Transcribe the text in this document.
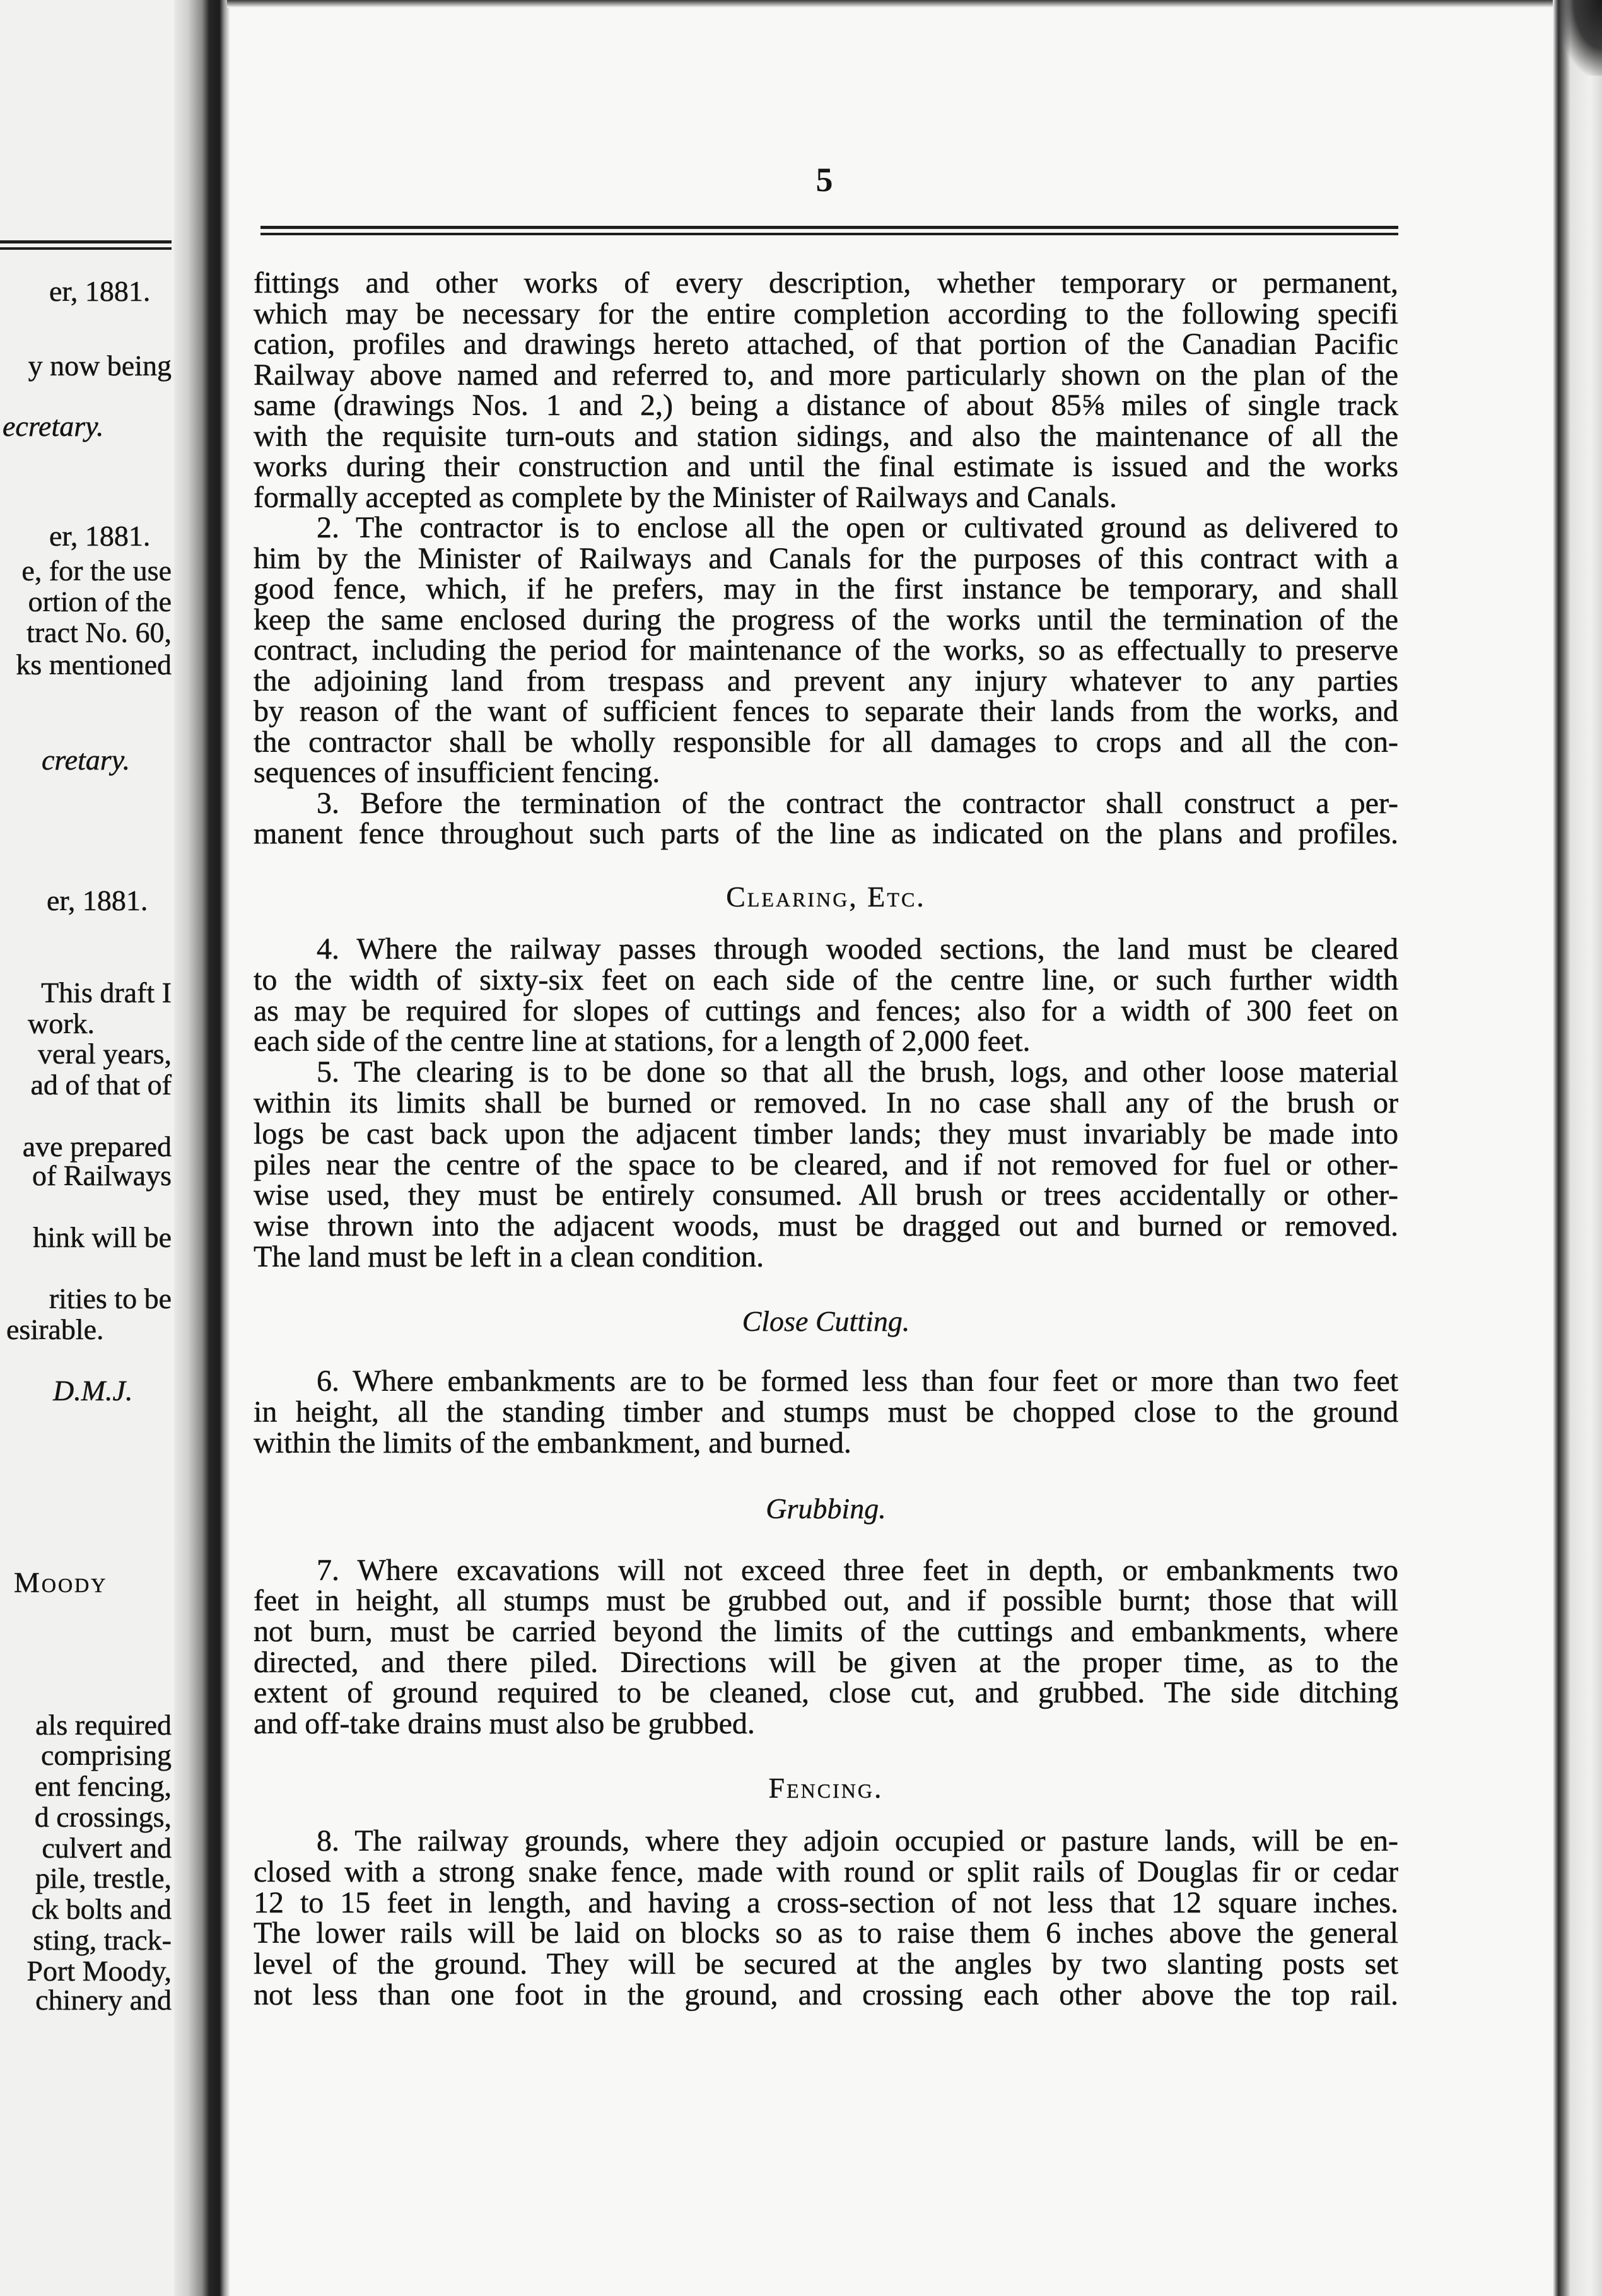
er, 1881.
y now being
ecretary.
er, 1881.
e, for the use
ortion of the
tract No. 60,
ks mentioned
cretary.
er, 1881.
This draft I
work.
veral years,
ad of that of
ave prepared
of Railways
hink will be
rities to be
esirable.
D.M.J.
Moody
als required
comprising
ent fencing,
d crossings,
culvert and
pile, trestle,
ck bolts and
sting, track-
Port Moody,
chinery and
5
fittings and other works of every description, whether temporary or permanent,
which may be necessary for the entire completion according to the following specifi
cation, profiles and drawings hereto attached, of that portion of the Canadian Pacific
Railway above named and referred to, and more particularly shown on the plan of the
same (drawings Nos. 1 and 2,) being a distance of about 85⅝ miles of single track
with the requisite turn-outs and station sidings, and also the maintenance of all the
works during their construction and until the final estimate is issued and the works
formally accepted as complete by the Minister of Railways and Canals.
2. The contractor is to enclose all the open or cultivated ground as delivered to
him by the Minister of Railways and Canals for the purposes of this contract with a
good fence, which, if he prefers, may in the first instance be temporary, and shall
keep the same enclosed during the progress of the works until the termination of the
contract, including the period for maintenance of the works, so as effectually to preserve
the adjoining land from trespass and prevent any injury whatever to any parties
by reason of the want of sufficient fences to separate their lands from the works, and
the contractor shall be wholly responsible for all damages to crops and all the con-
sequences of insufficient fencing.
3. Before the termination of the contract the contractor shall construct a per-
manent fence throughout such parts of the line as indicated on the plans and profiles.
Clearing, Etc.
4. Where the railway passes through wooded sections, the land must be cleared
to the width of sixty-six feet on each side of the centre line, or such further width
as may be required for slopes of cuttings and fences; also for a width of 300 feet on
each side of the centre line at stations, for a length of 2,000 feet.
5. The clearing is to be done so that all the brush, logs, and other loose material
within its limits shall be burned or removed. In no case shall any of the brush or
logs be cast back upon the adjacent timber lands; they must invariably be made into
piles near the centre of the space to be cleared, and if not removed for fuel or other-
wise used, they must be entirely consumed. All brush or trees accidentally or other-
wise thrown into the adjacent woods, must be dragged out and burned or removed.
The land must be left in a clean condition.
Close Cutting.
6. Where embankments are to be formed less than four feet or more than two feet
in height, all the standing timber and stumps must be chopped close to the ground
within the limits of the embankment, and burned.
Grubbing.
7. Where excavations will not exceed three feet in depth, or embankments two
feet in height, all stumps must be grubbed out, and if possible burnt; those that will
not burn, must be carried beyond the limits of the cuttings and embankments, where
directed, and there piled. Directions will be given at the proper time, as to the
extent of ground required to be cleaned, close cut, and grubbed. The side ditching
and off-take drains must also be grubbed.
Fencing.
8. The railway grounds, where they adjoin occupied or pasture lands, will be en-
closed with a strong snake fence, made with round or split rails of Douglas fir or cedar
12 to 15 feet in length, and having a cross-section of not less that 12 square inches.
The lower rails will be laid on blocks so as to raise them 6 inches above the general
level of the ground. They will be secured at the angles by two slanting posts set
not less than one foot in the ground, and crossing each other above the top rail.
